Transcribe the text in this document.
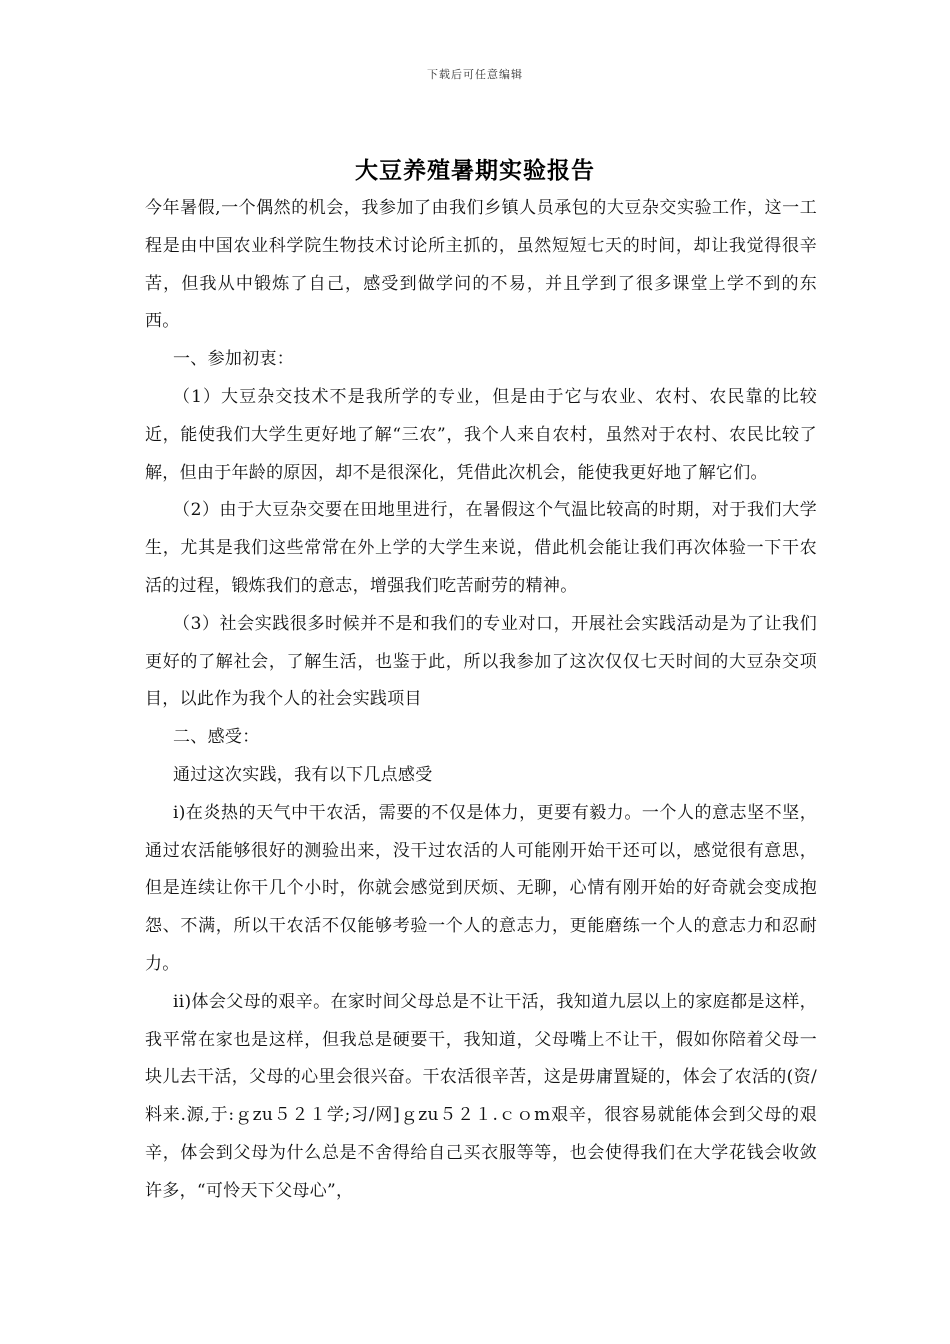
下载后可任意编辑
大豆养殖暑期实验报告

今年暑假,一个偶然的机会，我参加了由我们乡镇人员承包的大豆杂交实验工作，这一工程是由中国农业科学院生物技术讨论所主抓的，虽然短短七天的时间，却让我觉得很辛苦，但我从中锻炼了自己，感受到做学问的不易，并且学到了很多课堂上学不到的东西。

一、参加初衷：

（1）大豆杂交技术不是我所学的专业，但是由于它与农业、农村、农民靠的比较近，能使我们大学生更好地了解“三农”，我个人来自农村，虽然对于农村、农民比较了解，但由于年龄的原因，却不是很深化，凭借此次机会，能使我更好地了解它们。

（2）由于大豆杂交要在田地里进行，在暑假这个气温比较高的时期，对于我们大学生，尤其是我们这些常常在外上学的大学生来说，借此机会能让我们再次体验一下干农活的过程，锻炼我们的意志，增强我们吃苦耐劳的精神。

（3）社会实践很多时候并不是和我们的专业对口，开展社会实践活动是为了让我们更好的了解社会，了解生活，也鉴于此，所以我参加了这次仅仅七天时间的大豆杂交项目，以此作为我个人的社会实践项目

二、感受：

通过这次实践，我有以下几点感受

i)在炎热的天气中干农活，需要的不仅是体力，更要有毅力。一个人的意志坚不坚，通过农活能够很好的测验出来，没干过农活的人可能刚开始干还可以，感觉很有意思，但是连续让你干几个小时，你就会感觉到厌烦、无聊，心情有刚开始的好奇就会变成抱怨、不满，所以干农活不仅能够考验一个人的意志力，更能磨练一个人的意志力和忍耐力。

ii)体会父母的艰辛。在家时间父母总是不让干活，我知道九层以上的家庭都是这样，我平常在家也是这样，但我总是硬要干，我知道，父母嘴上不让干，假如你陪着父母一块儿去干活，父母的心里会很兴奋。干农活很辛苦，这是毋庸置疑的，体会了农活的(资/料来.源,于:ｇzu５２１学;习/网]ｇzu５２１.ｃｏm艰辛，很容易就能体会到父母的艰辛，体会到父母为什么总是不舍得给自己买衣服等等，也会使得我们在大学花钱会收敛许多，“可怜天下父母心”，
